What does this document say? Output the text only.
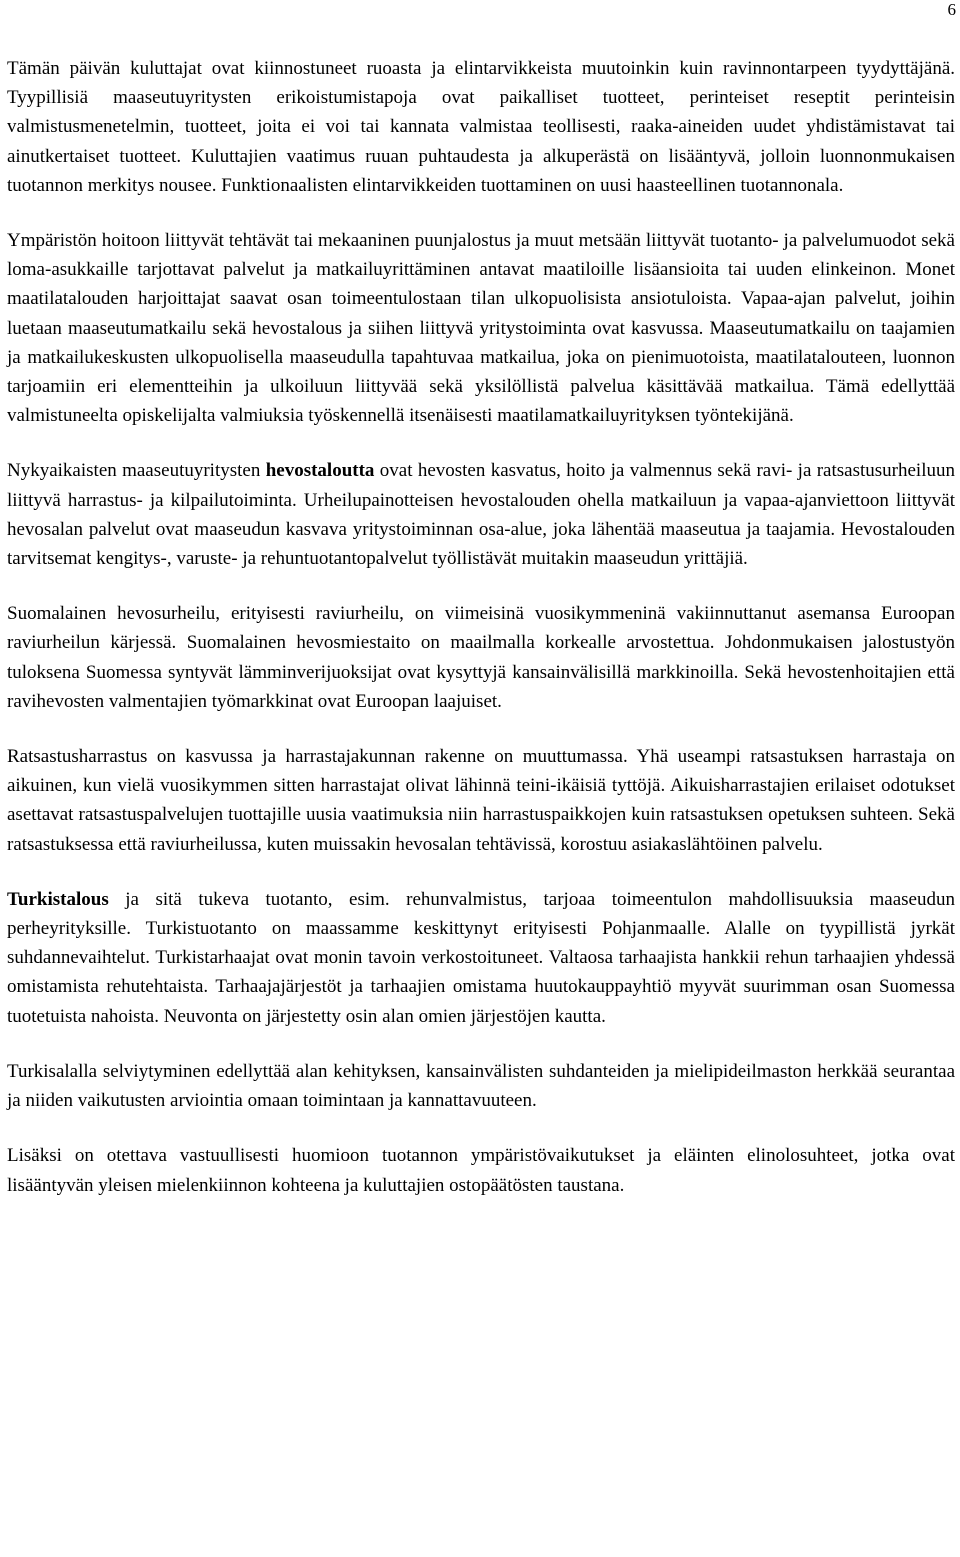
6

Tämän päivän kuluttajat ovat kiinnostuneet ruoasta ja elintarvikkeista muutoinkin kuin ravinnontarpeen tyydyttäjänä. Tyypillisiä maaseutuyritysten erikoistumistapoja ovat paikalliset tuotteet, perinteiset reseptit perinteisin valmistusmenetelmin, tuotteet, joita ei voi tai kannata valmistaa teollisesti, raaka-aineiden uudet yhdistämistavat tai ainutkertaiset tuotteet. Kuluttajien vaatimus ruuan puhtaudesta ja alkuperästä on lisääntyvä, jolloin luonnonmukaisen tuotannon merkitys nousee. Funktionaalisten elintarvikkeiden tuottaminen on uusi haasteellinen tuotannonala.

Ympäristön hoitoon liittyvät tehtävät tai mekaaninen puunjalostus ja muut metsään liittyvät tuotanto- ja palvelumuodot sekä loma-asukkaille tarjottavat palvelut ja matkailuyrittäminen antavat maatiloille lisäansioita tai uuden elinkeinon. Monet maatilatalouden harjoittajat saavat osan toimeentulostaan tilan ulkopuolisista ansiotuloista. Vapaa-ajan palvelut, joihin luetaan maaseutumatkailu sekä hevostalous ja siihen liittyvä yritystoiminta ovat kasvussa. Maaseutumatkailu on taajamien ja matkailukeskusten ulkopuolisella maaseudulla tapahtuvaa matkailua, joka on pienimuotoista, maatilatalouteen, luonnon tarjoamiin eri elementteihin ja ulkoiluun liittyvää sekä yksilöllistä palvelua käsittävää matkailua. Tämä edellyttää valmistuneelta opiskelijalta valmiuksia työskennellä itsenäisesti maatilamatkailuyrityksen työntekijänä.

Nykyaikaisten maaseutuyritysten hevostaloutta ovat hevosten kasvatus, hoito ja valmennus sekä ravi- ja ratsastusurheiluun liittyvä harrastus- ja kilpailutoiminta. Urheilupainotteisen hevostalouden ohella matkailuun ja vapaa-ajanviettoon liittyvät hevosalan palvelut ovat maaseudun kasvava yritystoiminnan osa-alue, joka lähentää maaseutua ja taajamia. Hevostalouden tarvitsemat kengitys-, varuste- ja rehuntuotantopalvelut työllistävät muitakin maaseudun yrittäjiä.

Suomalainen hevosurheilu, erityisesti raviurheilu, on viimeisinä vuosikymmeninä vakiinnuttanut asemansa Euroopan raviurheilun kärjessä. Suomalainen hevosmiestaito on maailmalla korkealle arvostettua. Johdonmukaisen jalostustyön tuloksena Suomessa syntyvät lämminverijuoksijat ovat kysyttyjä kansainvälisillä markkinoilla. Sekä hevostenhoitajien että ravihevosten valmentajien työmarkkinat ovat Euroopan laajuiset.

Ratsastusharrastus on kasvussa ja harrastajakunnan rakenne on muuttumassa. Yhä useampi ratsastuksen harrastaja on aikuinen, kun vielä vuosikymmen sitten harrastajat olivat lähinnä teini-ikäisiä tyttöjä. Aikuisharrastajien erilaiset odotukset asettavat ratsastuspalvelujen tuottajille uusia vaatimuksia niin harrastuspaikkojen kuin ratsastuksen opetuksen suhteen. Sekä ratsastuksessa että raviurheilussa, kuten muissakin hevosalan tehtävissä, korostuu asiakaslähtöinen palvelu.

Turkistalous ja sitä tukeva tuotanto, esim. rehunvalmistus, tarjoaa toimeentulon mahdollisuuksia maaseudun perheyrityksille. Turkistuotanto on maassamme keskittynyt erityisesti Pohjanmaalle. Alalle on tyypillistä jyrkät suhdannevaihtelut. Turkistarhaajat ovat monin tavoin verkostoituneet. Valtaosa tarhaajista hankkii rehun tarhaajien yhdessä omistamista rehutehtaista. Tarhaajajärjestöt ja tarhaajien omistama huutokauppayhtiö myyvät suurimman osan Suomessa tuotetuista nahoista. Neuvonta on järjestetty osin alan omien järjestöjen kautta.

Turkisalalla selviytyminen edellyttää alan kehityksen, kansainvälisten suhdanteiden ja mielipideilmaston herkkää seurantaa ja niiden vaikutusten arviointia omaan toimintaan ja kannattavuuteen.

Lisäksi on otettava vastuullisesti huomioon tuotannon ympäristövaikutukset ja eläinten elinolosuhteet, jotka ovat lisääntyvän yleisen mielenkiinnon kohteena ja kuluttajien ostopäätösten taustana.
